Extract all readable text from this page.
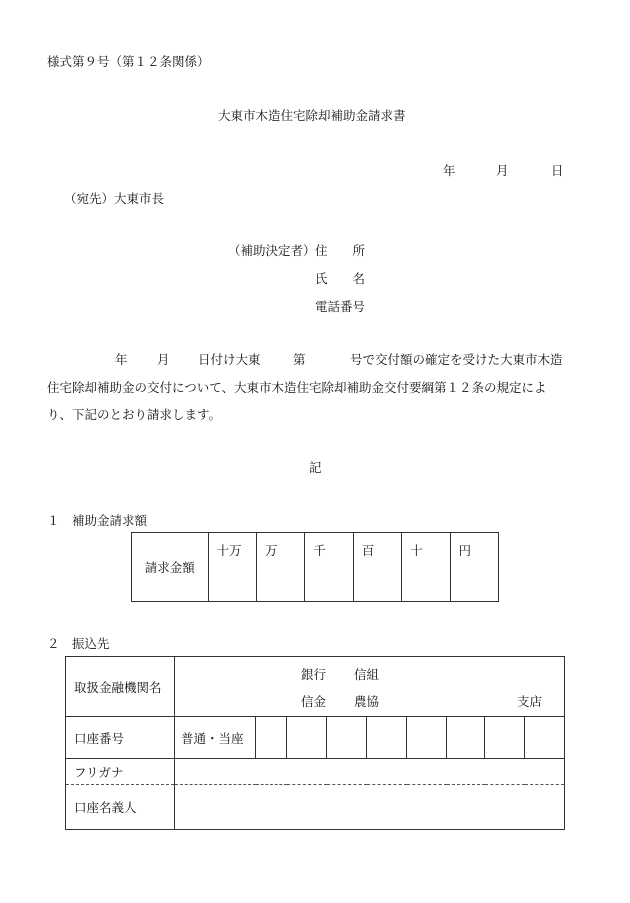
様式第９号（第１２条関係）
大東市木造住宅除却補助金請求書
年	月	日
（宛先）大東市長
（補助決定者） 住　　所
氏　　名
電話番号
年 月 日付け大東	第	号で交付額の確定を受けた大東市木造
住宅除却補助金の交付について、大東市木造住宅除却補助金交付要綱第１２条の規定によ
り、下記のとおり請求します。
記
１　補助金請求額
請求金額	
十万	万	千	百	十	円
２　振込先
取扱金融機関名	銀行 信組
信金 農協 支店								

口座番号	普通・当座								
フリガナ									
口座名義人									
